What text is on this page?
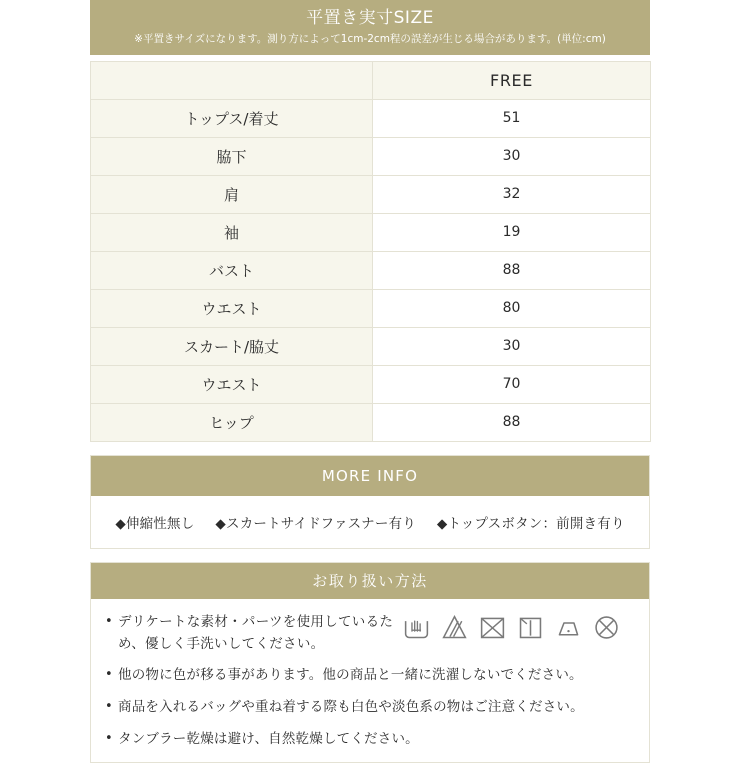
平置き実寸SIZE
※平置きサイズになります。測り方によって1cm-2cm程の誤差が生じる場合があります。(単位:cm)
	FREE
トップス/着丈	51
脇下	30
肩	32
袖	19
バスト	88
ウエスト	80
スカート/脇丈	30
ウエスト	70
ヒップ	88
MORE INFO
◆伸縮性無し ◆スカートサイドファスナー有り ◆トップスボタン：前開き有り
お取り扱い方法
• デリケートな素材・パーツを使用しているため、優しく手洗いしてください。
• 他の物に色が移る事があります。他の商品と一緒に洗濯しないでください。
• 商品を入れるバッグや重ね着する際も白色や淡色系の物はご注意ください。
• タンブラー乾燥は避け、自然乾燥してください。
